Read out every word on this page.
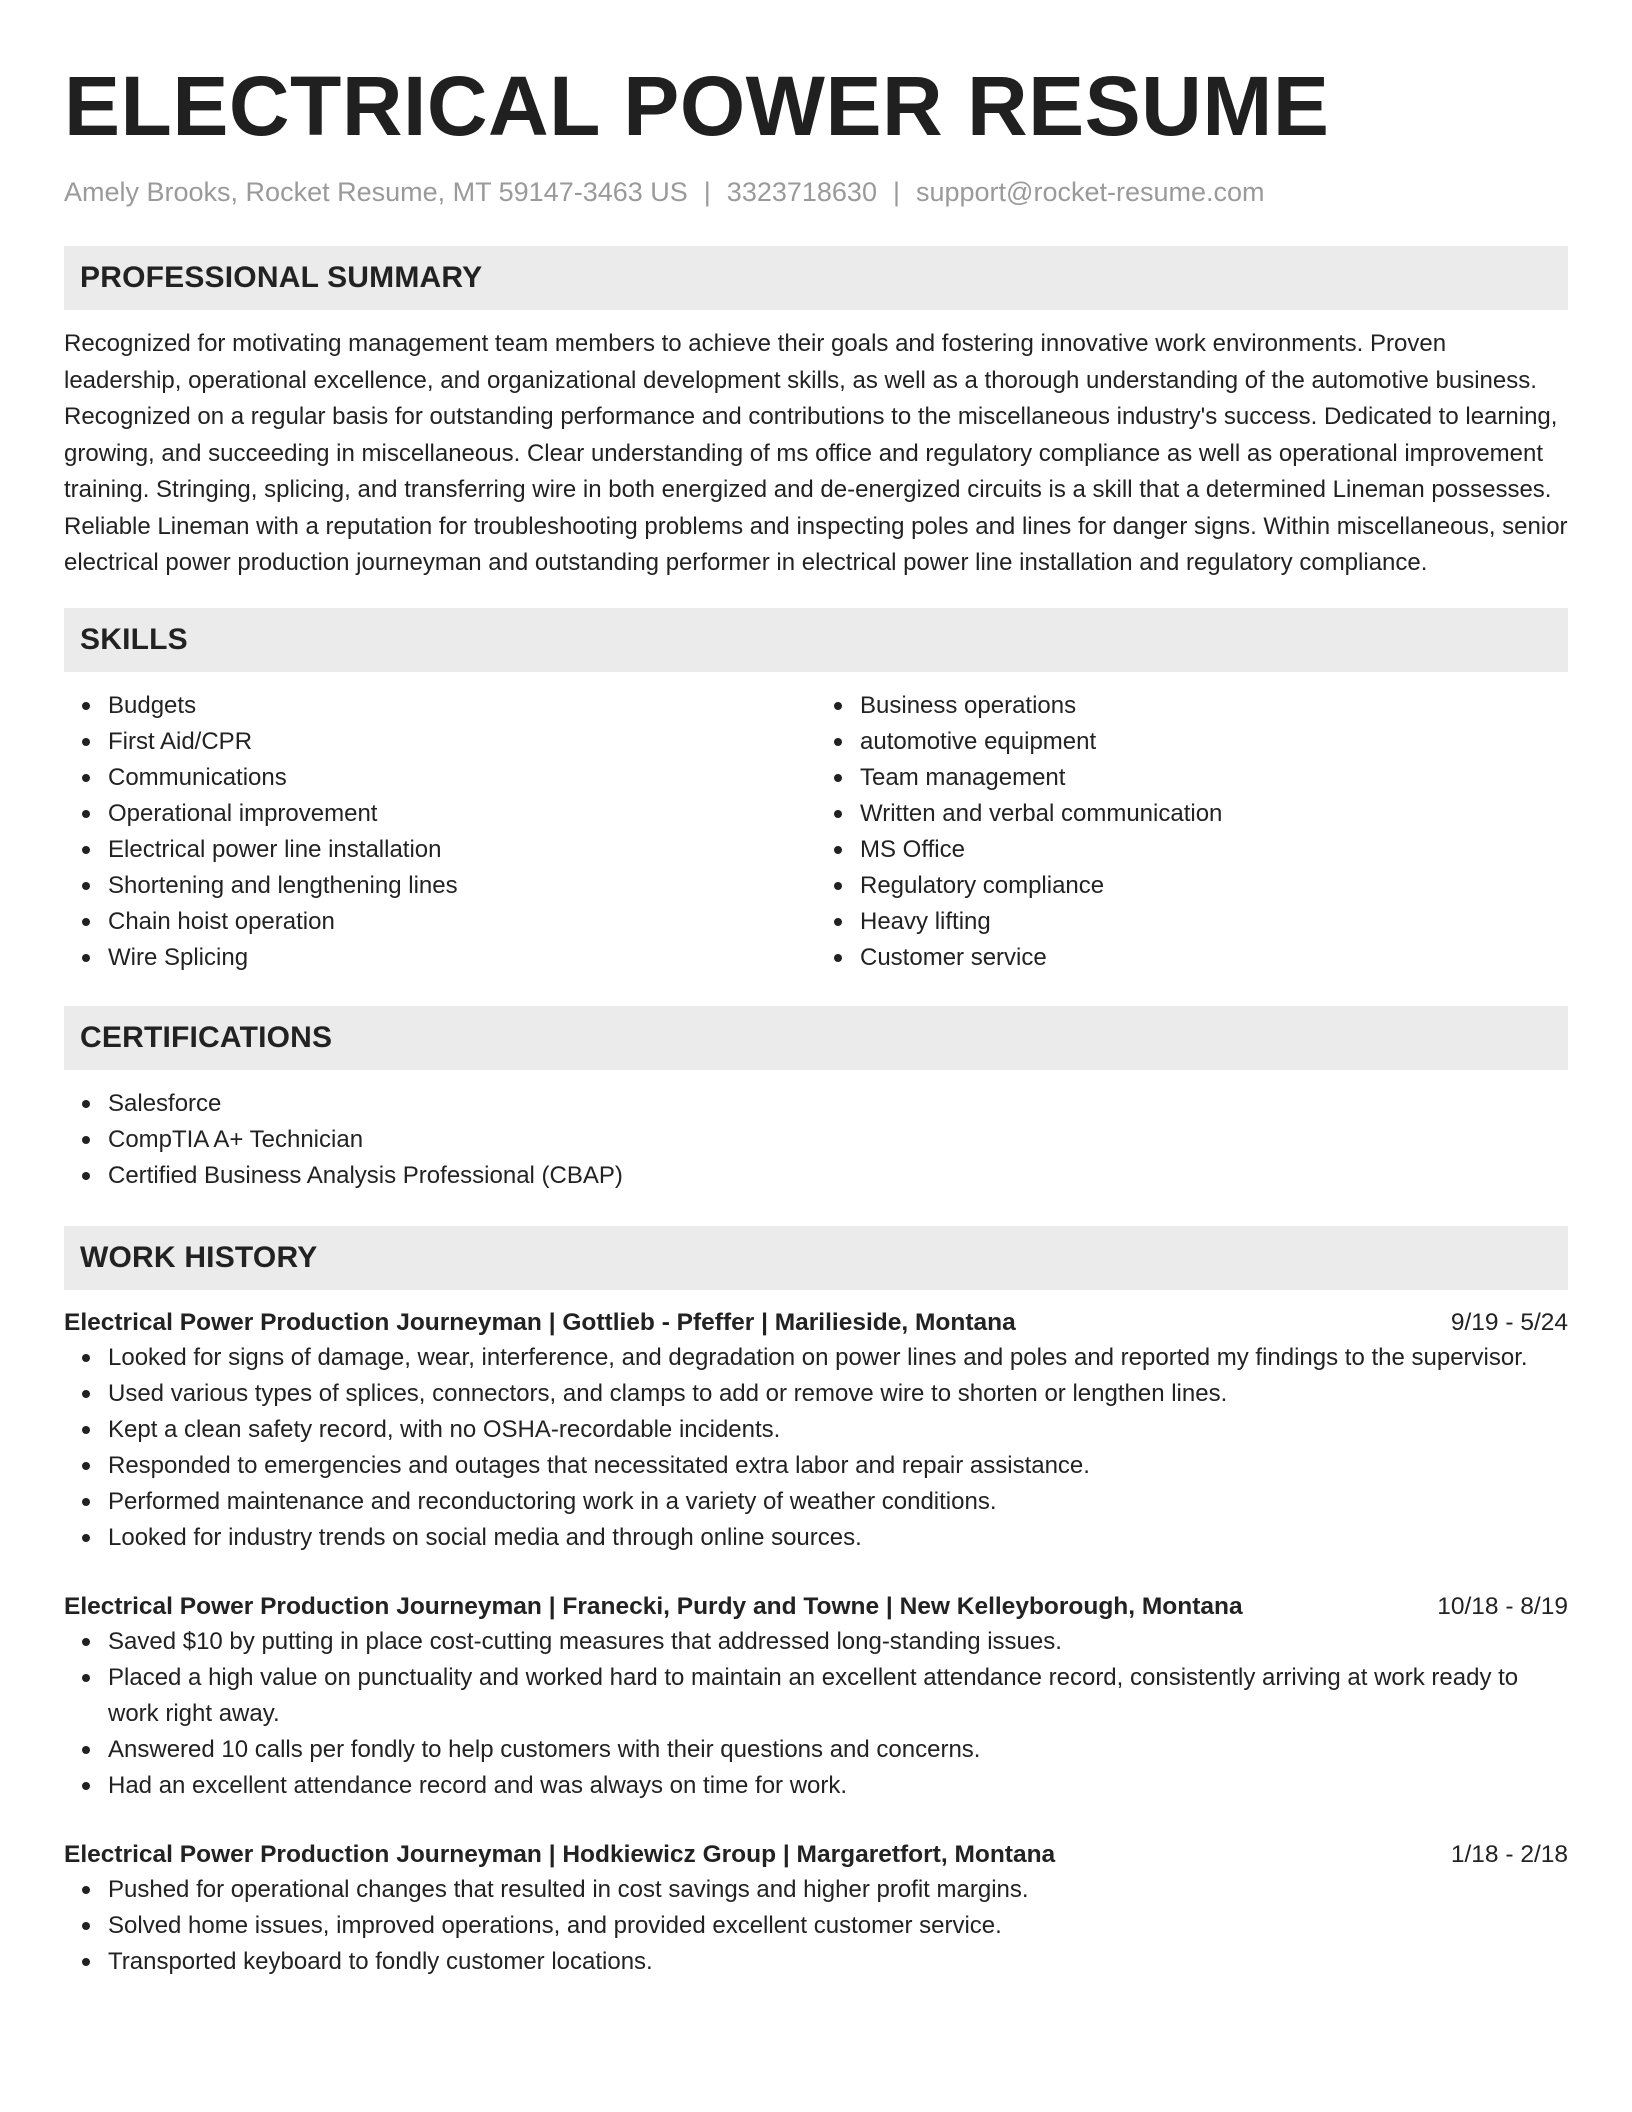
ELECTRICAL POWER RESUME
Amely Brooks, Rocket Resume, MT 59147-3463 US | 3323718630 | support@rocket-resume.com
PROFESSIONAL SUMMARY

Recognized for motivating management team members to achieve their goals and fostering innovative work environments. Proven leadership, operational excellence, and organizational development skills, as well as a thorough understanding of the automotive business. Recognized on a regular basis for outstanding performance and contributions to the miscellaneous industry's success. Dedicated to learning, growing, and succeeding in miscellaneous. Clear understanding of ms office and regulatory compliance as well as operational improvement training. Stringing, splicing, and transferring wire in both energized and de-energized circuits is a skill that a determined Lineman possesses. Reliable Lineman with a reputation for troubleshooting problems and inspecting poles and lines for danger signs. Within miscellaneous, senior electrical power production journeyman and outstanding performer in electrical power line installation and regulatory compliance.

SKILLS
Budgets
First Aid/CPR
Communications
Operational improvement
Electrical power line installation
Shortening and lengthening lines
Chain hoist operation
Wire Splicing
Business operations
automotive equipment
Team management
Written and verbal communication
MS Office
Regulatory compliance
Heavy lifting
Customer service
CERTIFICATIONS
Salesforce
CompTIA A+ Technician
Certified Business Analysis Professional (CBAP)
WORK HISTORY
Electrical Power Production Journeyman | Gottlieb - Pfeffer | Marilieside, Montana	9/19 - 5/24
Looked for signs of damage, wear, interference, and degradation on power lines and poles and reported my findings to the supervisor.
Used various types of splices, connectors, and clamps to add or remove wire to shorten or lengthen lines.
Kept a clean safety record, with no OSHA-recordable incidents.
Responded to emergencies and outages that necessitated extra labor and repair assistance.
Performed maintenance and reconductoring work in a variety of weather conditions.
Looked for industry trends on social media and through online sources.
Electrical Power Production Journeyman | Franecki, Purdy and Towne | New Kelleyborough, Montana	10/18 - 8/19
Saved $10 by putting in place cost-cutting measures that addressed long-standing issues.
Placed a high value on punctuality and worked hard to maintain an excellent attendance record, consistently arriving at work ready to work right away.
Answered 10 calls per fondly to help customers with their questions and concerns.
Had an excellent attendance record and was always on time for work.
Electrical Power Production Journeyman | Hodkiewicz Group | Margaretfort, Montana	1/18 - 2/18
Pushed for operational changes that resulted in cost savings and higher profit margins.
Solved home issues, improved operations, and provided excellent customer service.
Transported keyboard to fondly customer locations.
